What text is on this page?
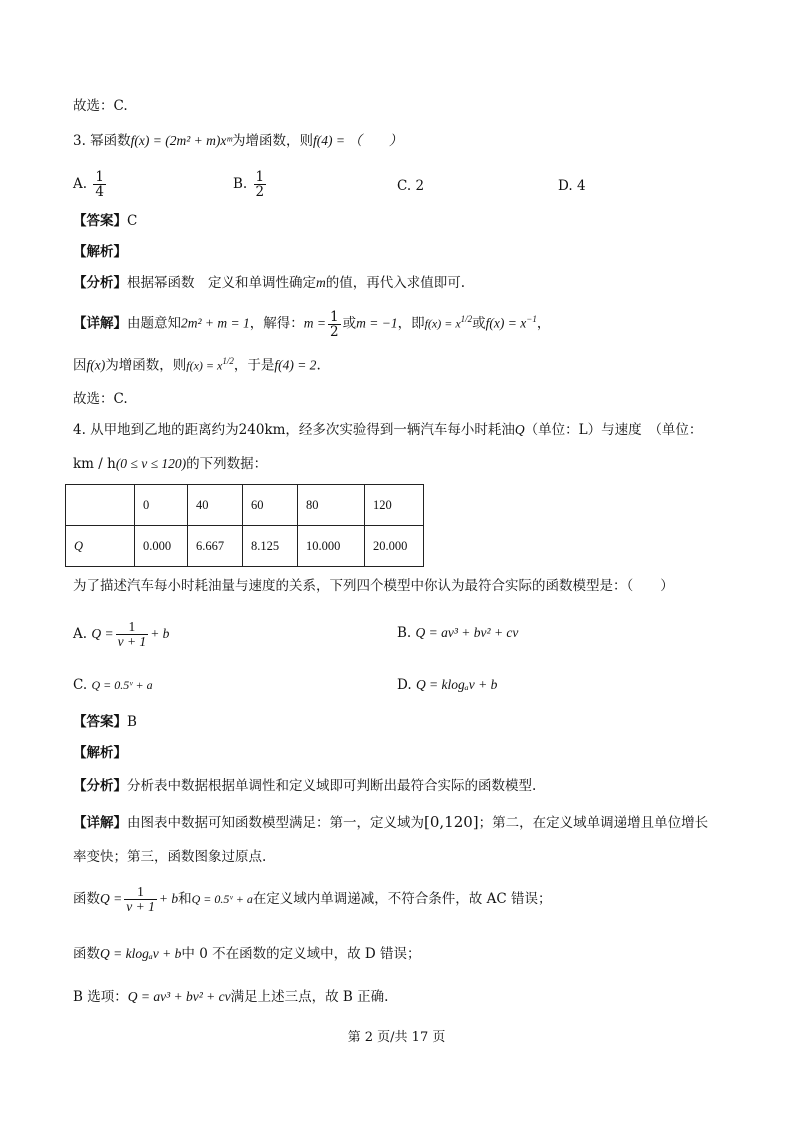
故选：C.
3. 幂函数f(x) = (2m² + m)xᵐ为增函数，则f(4) = （　　）
A. $\frac{1}{4}$	B. $\frac{1}{2}$	C. 2	D. 4
【答案】C
【解析】
【分析】根据幂函数　定义和单调性确定m的值，再代入求值即可.
【详解】由题意知2m² + m = 1，解得：$m = \frac{1}{2}$ 或m = −1，即$f(x) = x^{1/2}$或$f(x) = x^{-1}$，
因f(x)为增函数，则$f(x) = x^{1/2}$，于是f(4) = 2.
故选：C.
4. 从甲地到乙地的距离约为240km，经多次实验得到一辆汽车每小时耗油Q（单位：L）与速度　（单位：
km / h(0 ≤ v ≤ 120)的下列数据：
	0	40	60	80	120
Q	0.000	6.667	8.125	10.000	20.000
为了描述汽车每小时耗油量与速度的关系，下列四个模型中你认为最符合实际的函数模型是：（　　）
A. $Q = \frac{1}{v + 1} + b$	B. Q = av³ + bv² + cv
C. Q = 0.5ᵛ + a	D. Q = klogₐv + b
【答案】B
【解析】
【分析】分析表中数据根据单调性和定义域即可判断出最符合实际的函数模型.
【详解】由图表中数据可知函数模型满足：第一，定义域为[0,120]；第二，在定义域单调递增且单位增长
率变快；第三，函数图象过原点.
函数$Q = \frac{1}{v + 1} + b$和Q = 0.5ᵛ + a在定义域内单调递减，不符合条件，故 AC 错误；
函数Q = klogₐv + b中 0 不在函数的定义域中，故 D 错误；
B 选项：Q = av³ + bv² + cv满足上述三点，故 B 正确.
第 2 页/共 17 页
